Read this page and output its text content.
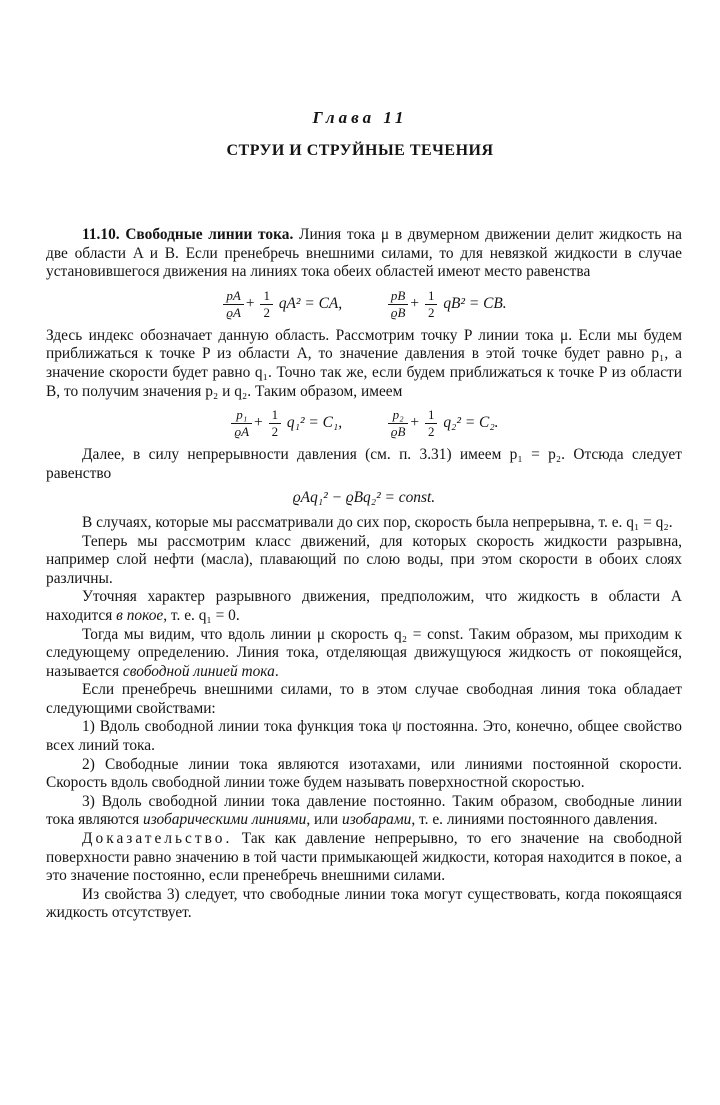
Глава 11
СТРУИ И СТРУЙНЫЕ ТЕЧЕНИЯ

11.10. Свободные линии тока. Линия тока μ в двумерном движении делит жидкость на две области A и B. Если пренебречь внешними силами, то для невязкой жидкости в случае установившегося движения на линиях тока обеих областей имеют место равенства

$\frac{pA}{ϱA} + \frac{1}{2} qA^2$ = CA,	$\frac{pB}{ϱB} + \frac{1}{2} qB^2$ = CB.

Здесь индекс обозначает данную область. Рассмотрим точку P линии тока μ. Если мы будем приближаться к точке P из области A, то значение давления в этой точке будет равно p₁, а значение скорости будет равно q₁. Точно так же, если будем приближаться к точке P из области B, то получим значения p₂ и q₂. Таким образом, имеем

$\frac{\text{p₁}}{ϱA} + \frac{1}{2} q_1^2 = C_1$,	$\frac{\text{p₂}}{ϱB} + \frac{1}{2} q_2^2 = C_2$.

Далее, в силу непрерывности давления (см. п. 3.31) имеем p₁ = p₂. Отсюда следует равенство

ϱAq₁² − ϱBq₂² = const.

В случаях, которые мы рассматривали до сих пор, скорость была непрерывна, т. е. q₁ = q₂.

Теперь мы рассмотрим класс движений, для которых скорость жидкости разрывна, например слой нефти (масла), плавающий по слою воды, при этом скорости в обоих слоях различны.

Уточняя характер разрывного движения, предположим, что жидкость в области A находится в покое, т. е. q₁ = 0.

Тогда мы видим, что вдоль линии μ скорость q₂ = const. Таким образом, мы приходим к следующему определению. Линия тока, отделяющая движущуюся жидкость от покоящейся, называется свободной линией тока.

Если пренебречь внешними силами, то в этом случае свободная линия тока обладает следующими свойствами:

1) Вдоль свободной линии тока функция тока ψ постоянна. Это, конечно, общее свойство всех линий тока.

2) Свободные линии тока являются изотахами, или линиями постоянной скорости. Скорость вдоль свободной линии тоже будем называть поверхностной скоростью.

3) Вдоль свободной линии тока давление постоянно. Таким образом, свободные линии тока являются изобарическими линиями, или изобарами, т. е. линиями постоянного давления.

Доказательство. Так как давление непрерывно, то его значение на свободной поверхности равно значению в той части примыкающей жидкости, которая находится в покое, а это значение постоянно, если пренебречь внешними силами.

Из свойства 3) следует, что свободные линии тока могут существовать, когда покоящаяся жидкость отсутствует.
